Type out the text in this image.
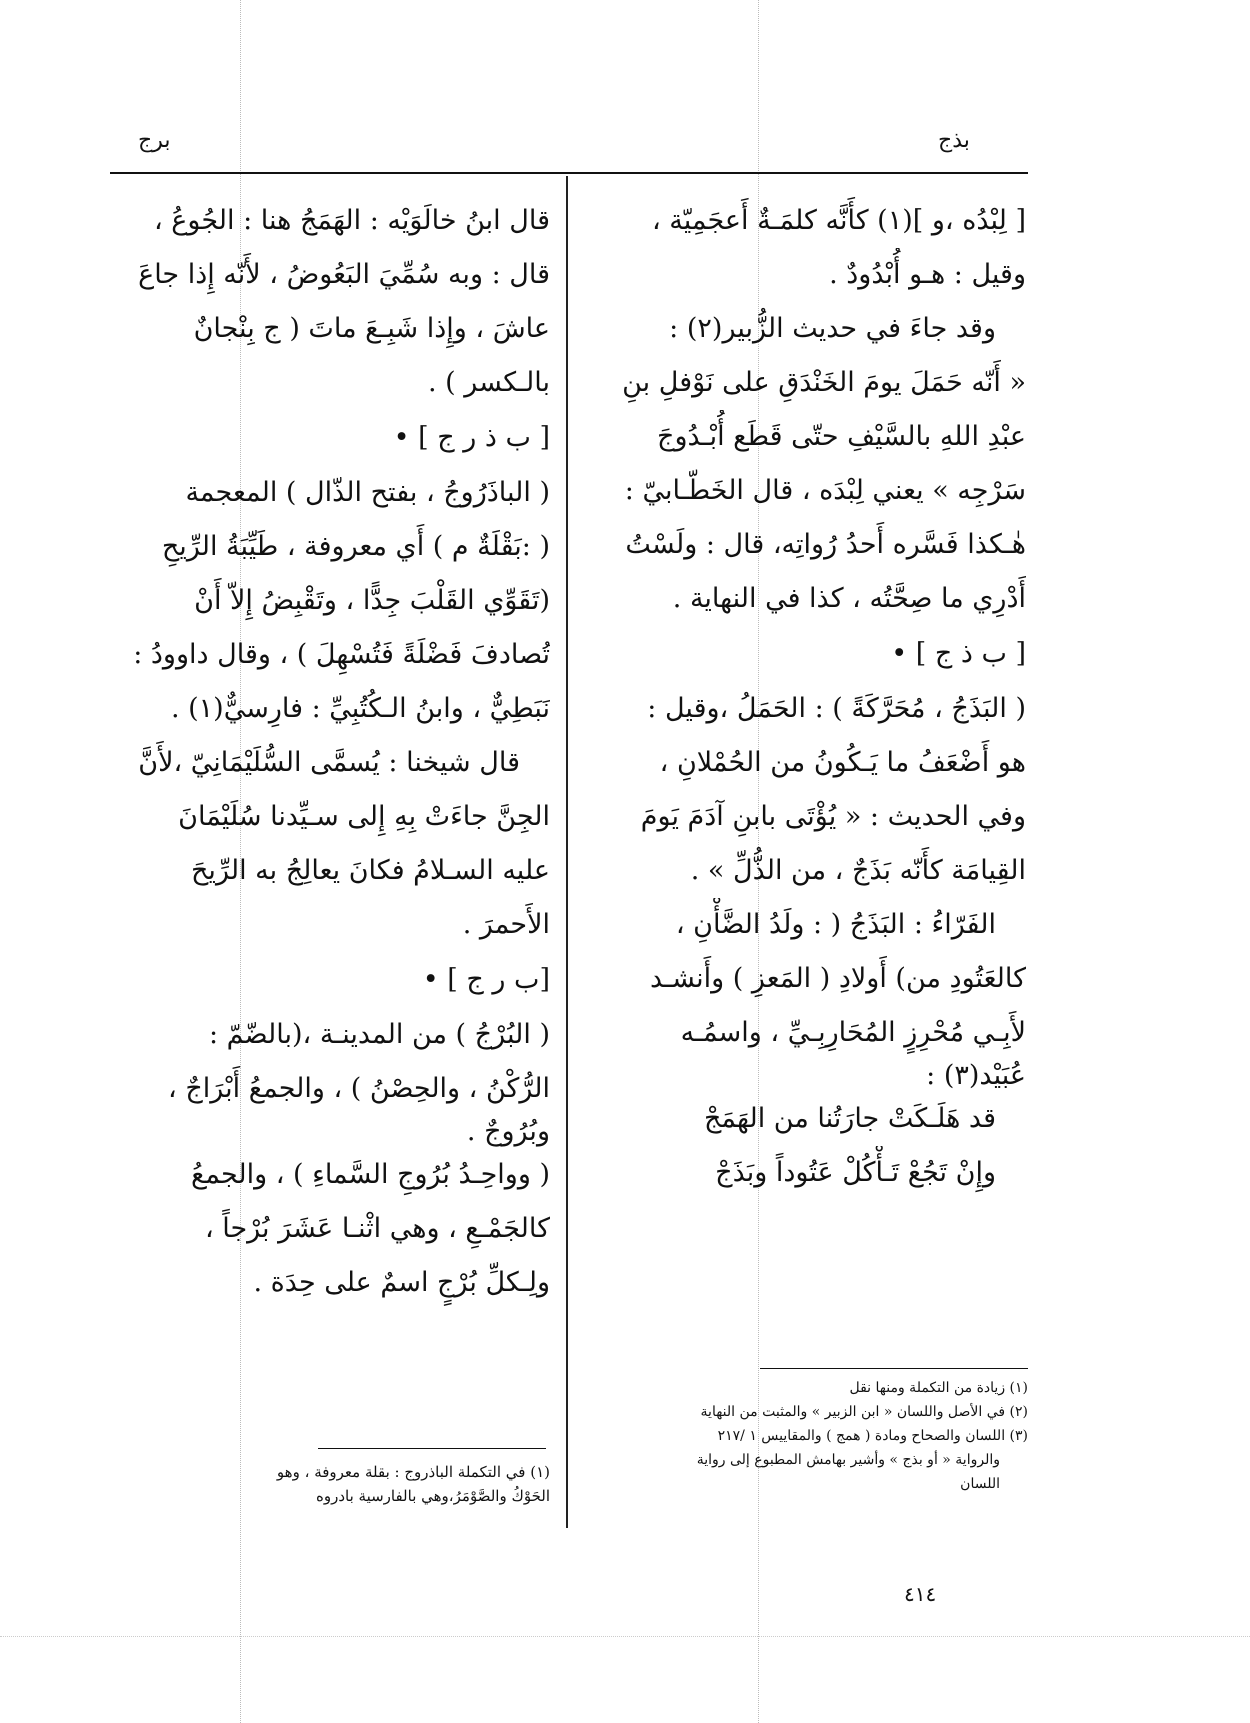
بذج
برج
[ لِبْدُه ،و ](١) كأَنَّه كلمَـةٌ أَعجَمِيّة ،
وقيل : هـو أُبْدُودٌ .
وقد جاءَ في حديث الزُّبير(٢) :
« أَنّه حَمَلَ يومَ الخَنْدَقِ على نَوْفلِ بنِ
عبْدِ اللهِ بالسَّيْفِ حتّى قَطَع أُبْـدُوجَ
سَرْجِه » يعني لِبْدَه ، قال الخَطّـابيّ :
هٰـكذا فَسَّره أَحدُ رُواتِه، قال : ولَسْتُ
أَدْرِي ما صِحَّتُه ، كذا في النهاية .
[ ب ذ ج ] •
( البَذَجُ ، مُحَرَّكَةً ) : الحَمَلُ ،وقيل :
هو أَضْعَفُ ما يَـكُونُ من الحُمْلانِ ،
وفي الحديث : « يُؤْتَى بابنِ آدَمَ يَومَ
القِيامَة كأَنّه بَذَجٌ ، من الذُّلِّ » .
الفَرّاءُ : البَذَجُ ( : ولَدُ الضَّأْنِ ،
كالعَتُودِ من) أَولادِ ( المَعزِ ) وأَنشـد
لأَبِـي مُحْرِزٍ المُحَارِبِـيِّ ، واسمُـه
عُبَيْد(٣) :
قد هَلَـكَتْ جارَتُنا من الهَمَجْ
وإِنْ تَجُعْ تَـأْكُلْ عَتُوداً وبَذَجْ
قال ابنُ خالَوَيْه : الهَمَجُ هنا : الجُوعُ ،
قال : وبه سُمِّيَ البَعُوضُ ، لأَنّه إِذا جاعَ
عاشَ ، وإِذا شَبِـعَ ماتَ ( ج بِنْجانٌ
بالـكسر ) .
[ ب ذ ر ج ] •
( الباذَرُوجُ ، بفتح الذّال ) المعجمة
( :بَقْلَةٌ م ) أَي معروفة ، طَيِّبَةُ الرِّيحِ
(تَقَوِّي القَلْبَ جِدًّا ، وتَقْبِضُ إِلاّ أَنْ
تُصادفَ فَضْلَةً فَتُسْهِلَ ) ، وقال داوودُ :
نَبَطِيٌّ ، وابنُ الـكُتُبِيِّ : فارِسيٌّ(١) .
قال شيخنا : يُسمَّى السُّلَيْمَانِيّ ،لأَنَّ
الجِنَّ جاءَتْ بِهِ إِلى سـيِّدنا سُلَيْمَانَ
عليه السـلامُ فكانَ يعالِجُ به الرِّيحَ
الأَحمرَ .
[ب ر ج ] •
( البُرْجُ ) من المدينـة ،(بالضّمّ :
الرُّكْنُ ، والحِصْنُ ) ، والجمعُ أَبْرَاجٌ ،
وبُرُوجٌ .
( وواحِـدُ بُرُوجِ السَّماءِ ) ، والجمعُ
كالجَمْـعِ ، وهي اثْنـا عَشَرَ بُرْجاً ،
ولِـكلِّ بُرْجٍ اسمٌ على حِدَة .
(١) زيادة من التكملة ومنها نقل
(٢) في الأصل واللسان « ابن الزبير » والمثبت من النهاية
(٣) اللسان والصحاح ومادة ( همج ) والمقاييس ١ /٢١٧
والرواية « أو بذج » وأشير بهامش المطبوع إلى رواية
اللسان
(١) في التكملة الباذروج : بقلة معروفة ، وهو
الحَوْكُ والصَّوْمَرُ،وهي بالفارسية بادروه
٤١٤
